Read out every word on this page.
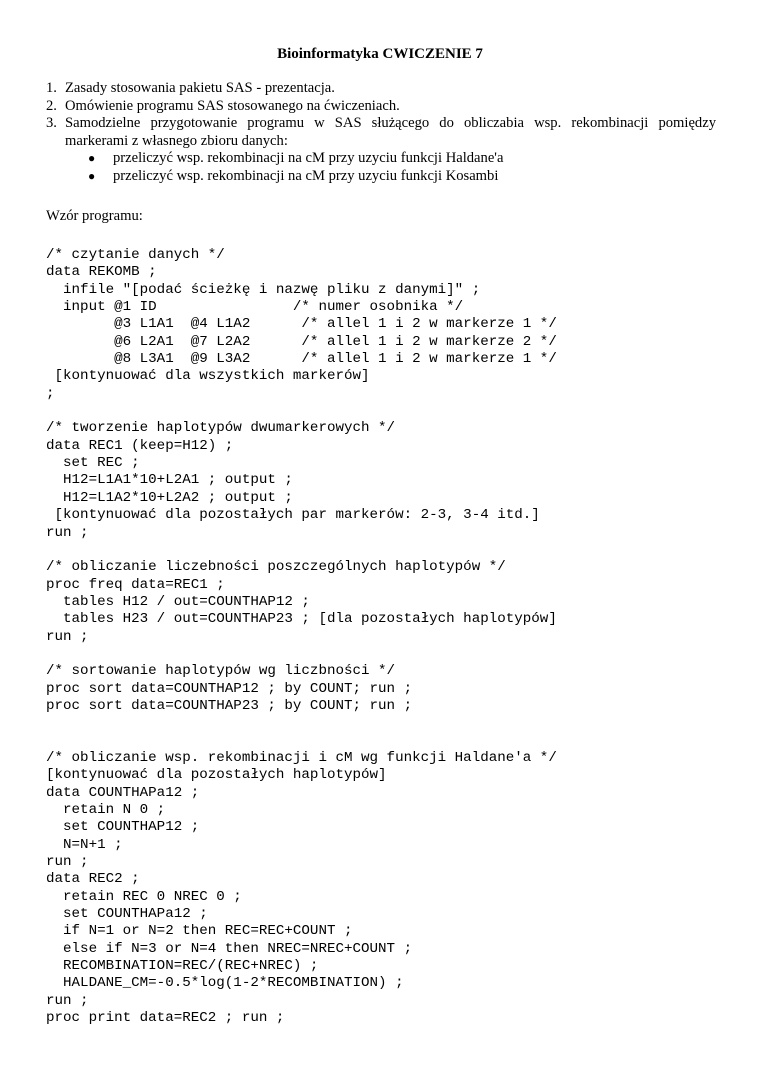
Bioinformatyka CWICZENIE 7
1. Zasady stosowania pakietu SAS - prezentacja.
2. Omówienie programu SAS stosowanego na ćwiczeniach.
3. Samodzielne przygotowanie programu w SAS służącego do obliczabia wsp. rekombinacji pomiędzy markerami z własnego zbioru danych:
●	przeliczyć wsp. rekombinacji na cM przy uzyciu funkcji Haldane'a
●	przeliczyć wsp. rekombinacji na cM przy uzyciu funkcji Kosambi
Wzór programu:
/* czytanie danych */
data REKOMB ;
infile "[podać ścieżkę i nazwę pliku z danymi]" ;
input @1 ID                /* numer osobnika */
@3 L1A1  @4 L1A2      /* allel 1 i 2 w markerze 1 */
@6 L2A1  @7 L2A2      /* allel 1 i 2 w markerze 2 */
@8 L3A1  @9 L3A2      /* allel 1 i 2 w markerze 1 */
[kontynuować dla wszystkich markerów]
;
/* tworzenie haplotypów dwumarkerowych */
data REC1 (keep=H12) ;
set REC ;
H12=L1A1*10+L2A1 ; output ;
H12=L1A2*10+L2A2 ; output ;
[kontynuować dla pozostałych par markerów: 2-3, 3-4 itd.]
run ;
/* obliczanie liczebności poszczególnych haplotypów */
proc freq data=REC1 ;
tables H12 / out=COUNTHAP12 ;
tables H23 / out=COUNTHAP23 ; [dla pozostałych haplotypów]
run ;
/* sortowanie haplotypów wg liczbności */
proc sort data=COUNTHAP12 ; by COUNT; run ;
proc sort data=COUNTHAP23 ; by COUNT; run ;
/* obliczanie wsp. rekombinacji i cM wg funkcji Haldane'a */
[kontynuować dla pozostałych haplotypów]
data COUNTHAPa12 ;
retain N 0 ;
set COUNTHAP12 ;
N=N+1 ;
run ;
data REC2 ;
retain REC 0 NREC 0 ;
set COUNTHAPa12 ;
if N=1 or N=2 then REC=REC+COUNT ;
else if N=3 or N=4 then NREC=NREC+COUNT ;
RECOMBINATION=REC/(REC+NREC) ;
HALDANE_CM=-0.5*log(1-2*RECOMBINATION) ;
run ;
proc print data=REC2 ; run ;
